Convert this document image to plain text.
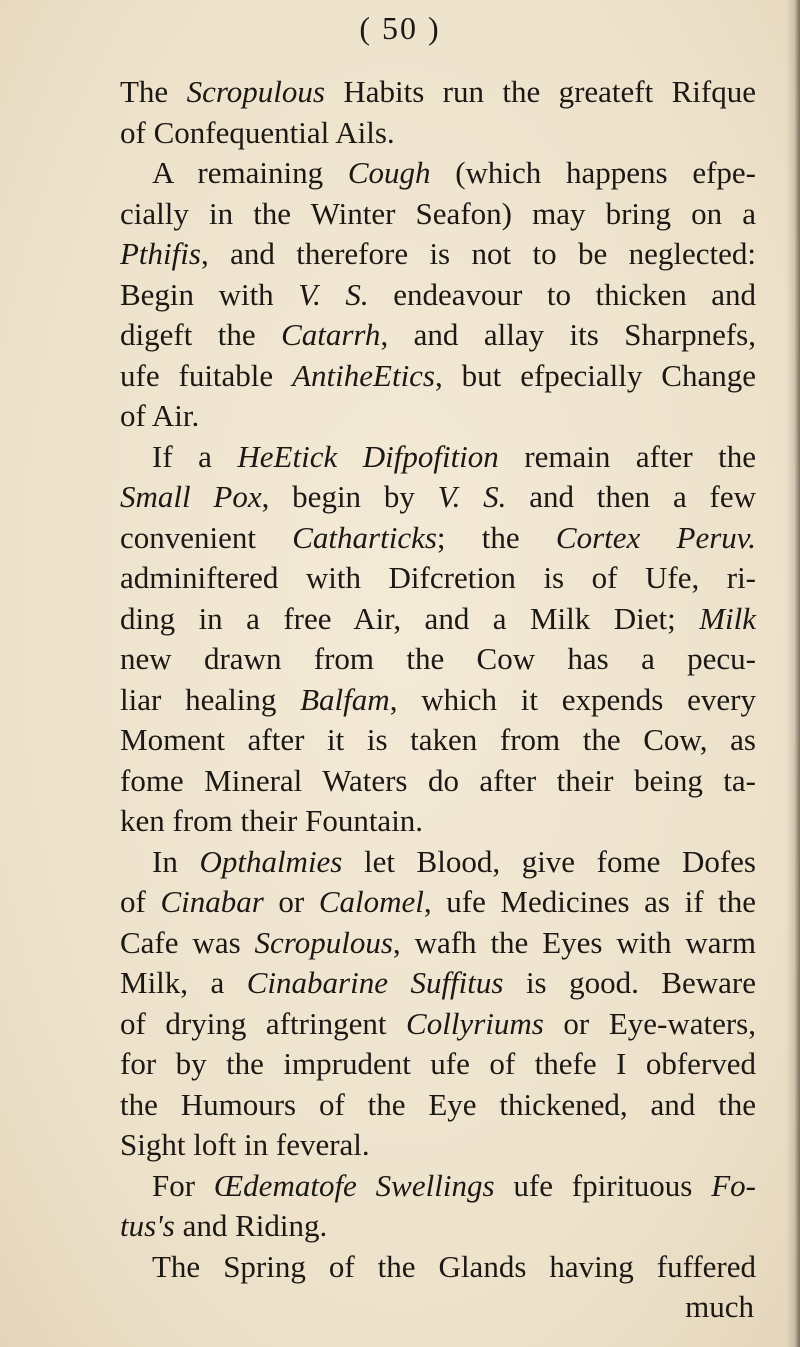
( 50 )
The Scropulous Habits run the greateft Rifque
of Confequential Ails.
A remaining Cough (which happens efpe-
cially in the Winter Seafon) may bring on a
Pthifis, and therefore is not to be neglected:
Begin with V. S. endeavour to thicken and
digeft the Catarrh, and allay its Sharpnefs,
ufe fuitable AntiheEtics, but efpecially Change
of Air.
If a HeEtick Difpofition remain after the
Small Pox, begin by V. S. and then a few
convenient Catharticks; the Cortex Peruv.
adminiftered with Difcretion is of Ufe, ri-
ding in a free Air, and a Milk Diet; Milk
new drawn from the Cow has a pecu-
liar healing Balfam, which it expends every
Moment after it is taken from the Cow, as
fome Mineral Waters do after their being ta-
ken from their Fountain.
In Opthalmies let Blood, give fome Dofes
of Cinabar or Calomel, ufe Medicines as if the
Cafe was Scropulous, wafh the Eyes with warm
Milk, a Cinabarine Suffitus is good. Beware
of drying aftringent Collyriums or Eye-waters,
for by the imprudent ufe of thefe I obferved
the Humours of the Eye thickened, and the
Sight loft in feveral.
For Œdematofe Swellings ufe fpirituous Fo-
tus's and Riding.
The Spring of the Glands having fuffered
much
